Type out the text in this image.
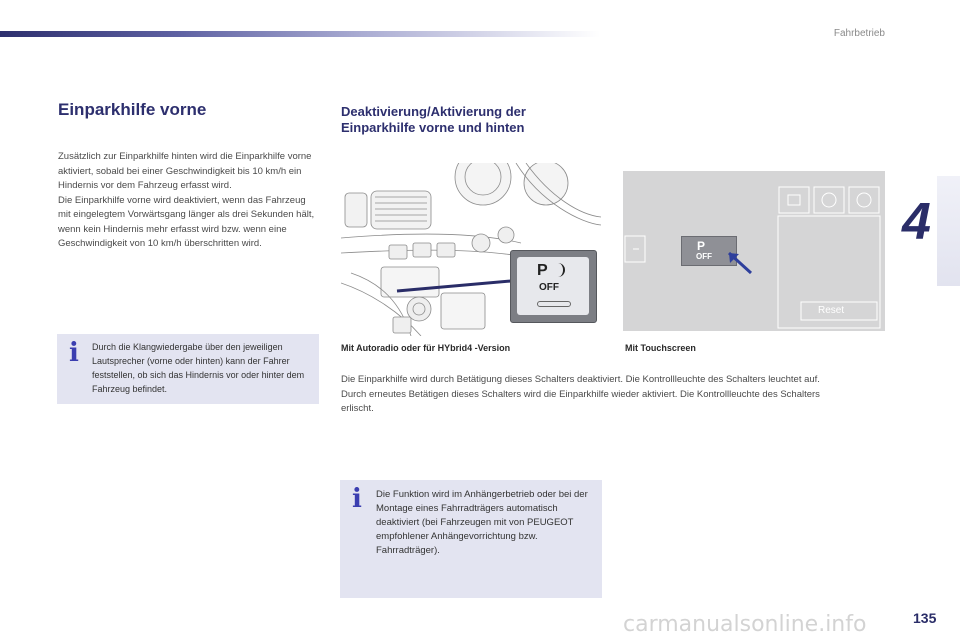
Fahrbetrieb
4
Einparkhilfe vorne

Zusätzlich zur Einparkhilfe hinten wird die Einparkhilfe vorne aktiviert, sobald bei einer Geschwindigkeit bis 10 km/h ein Hindernis vor dem Fahrzeug erfasst wird.
Die Einparkhilfe vorne wird deaktiviert, wenn das Fahrzeug mit eingelegtem Vorwärtsgang länger als drei Sekunden hält, wenn kein Hindernis mehr erfasst wird bzw. wenn eine Geschwindigkeit von 10 km/h überschritten wird.

i Durch die Klangwiedergabe über den jeweiligen Lautsprecher (vorne oder hinten) kann der Fahrer feststellen, ob sich das Hindernis vor oder hinter dem Fahrzeug befindet.

Deaktivierung/Aktivierung der Einparkhilfe vorne und hinten
P
OFF
Mit Autoradio oder für HYbrid4 -Version
P
OFF
Reset
Mit Touchscreen

Die Einparkhilfe wird durch Betätigung dieses Schalters deaktiviert. Die Kontrollleuchte des Schalters leuchtet auf.
Durch erneutes Betätigen dieses Schalters wird die Einparkhilfe wieder aktiviert. Die Kontrollleuchte des Schalters erlischt.

i Die Funktion wird im Anhängerbetrieb oder bei der Montage eines Fahrradträgers automatisch deaktiviert (bei Fahrzeugen mit von PEUGEOT empfohlener Anhängevorrichtung bzw. Fahrradträger).

carmanualsonline.info	135
